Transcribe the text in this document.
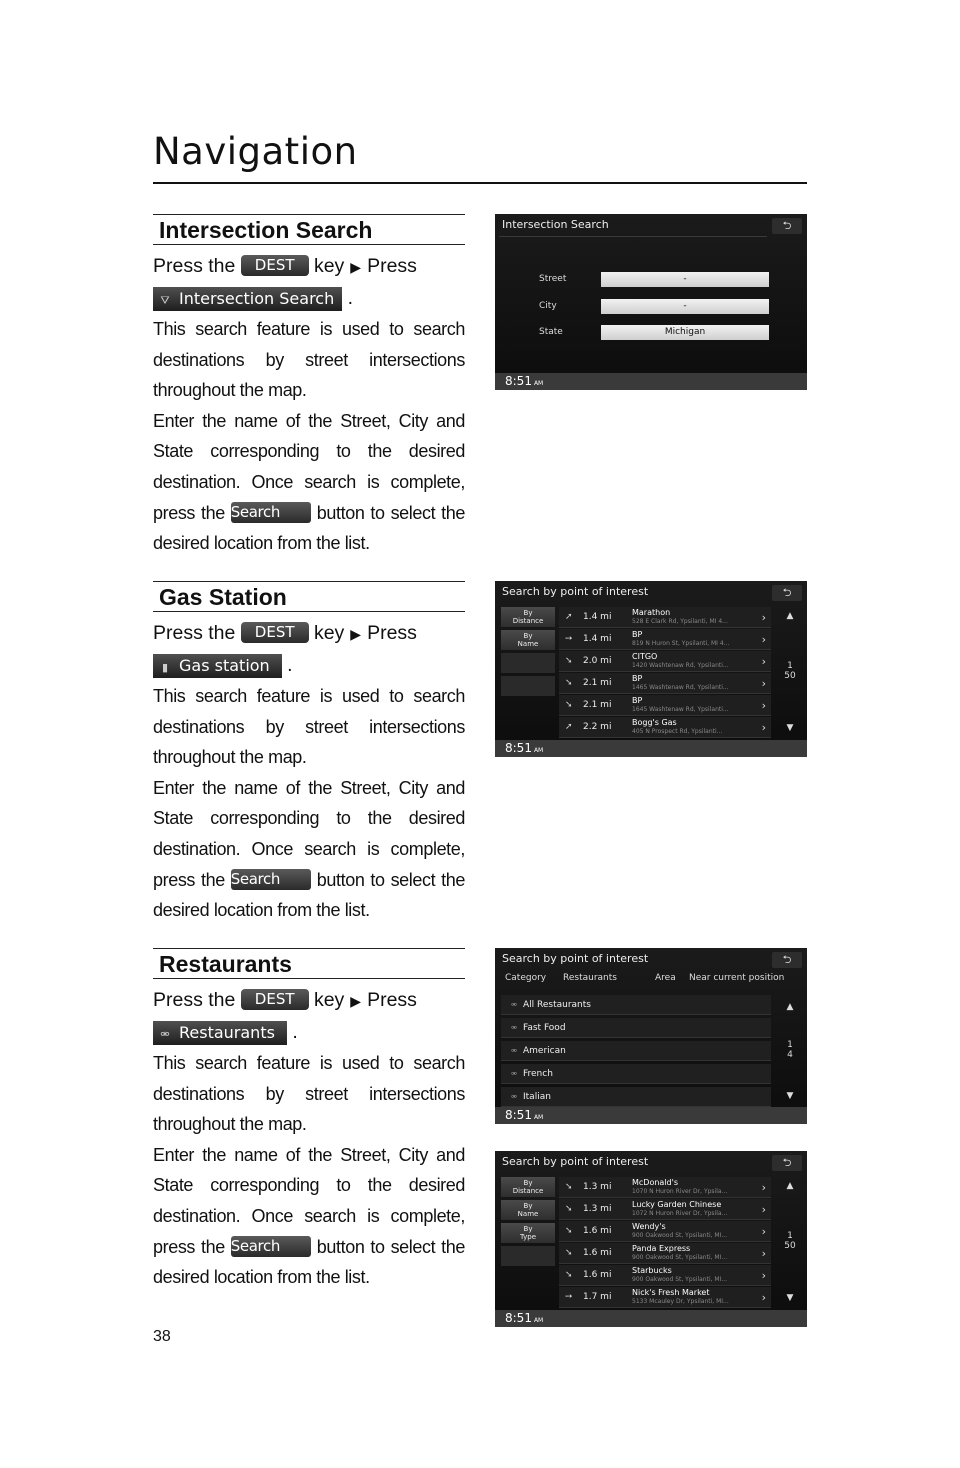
Navigation
Intersection Search
Press the DEST key ▶ Press
⛛ Intersection Search .

This search feature is used to search destinations by street intersections throughout the map.

Enter the name of the Street, City and State corresponding to the desired destination. Once search is complete, press the Search button to select the desired location from the list.

Gas Station
Press the DEST key ▶ Press
▮ Gas station .

This search feature is used to search destinations by street intersections throughout the map.

Enter the name of the Street, City and State corresponding to the desired destination. Once search is complete, press the Search button to select the desired location from the list.

Restaurants
Press the DEST key ▶ Press
⚮ Restaurants .

This search feature is used to search destinations by street intersections throughout the map.

Enter the name of the Street, City and State corresponding to the desired destination. Once search is complete, press the Search button to select the desired location from the list.

Intersection Search	⮌
Street	-
City	-
State	Michigan
8:51 AM
Search by point of interest	⮌
By
Distance
By
Name
➚ 1.4 mi	Marathon
528 E Clark Rd, Ypsilanti, MI 4...	›
➙ 1.4 mi	BP
819 N Huron St, Ypsilanti, MI 4...	›
➘ 2.0 mi	CITGO
1420 Washtenaw Rd, Ypsilanti...	›
➘ 2.1 mi	BP
1465 Washtenaw Rd, Ypsilanti...	›
➘ 2.1 mi	BP
1645 Washtenaw Rd, Ypsilanti...	›
➚ 2.2 mi	Bogg's Gas
405 N Prospect Rd, Ypsilanti...	›
▲
1
50
▼
8:51 AM
Search by point of interest	⮌
Category Restaurants	Area Near current position
⚮ All Restaurants
⚮ Fast Food
⚮ American
⚮ French
⚮ Italian
▲
1
4
▼
8:51 AM
Search by point of interest	⮌
By
Distance
By
Name
By
Type
➘ 1.3 mi	McDonald's
1070 N Huron River Dr, Ypsila...	›
➘ 1.3 mi	Lucky Garden Chinese
1072 N Huron River Dr, Ypsila...	›
➘ 1.6 mi	Wendy's
900 Oakwood St, Ypsilanti, MI...	›
➘ 1.6 mi	Panda Express
900 Oakwood St, Ypsilanti, MI...	›
➘ 1.6 mi	Starbucks
900 Oakwood St, Ypsilanti, MI...	›
➙ 1.7 mi	Nick's Fresh Market
5133 Mcauley Dr, Ypsilanti, MI...	›
▲
1
50
▼
8:51 AM
38
